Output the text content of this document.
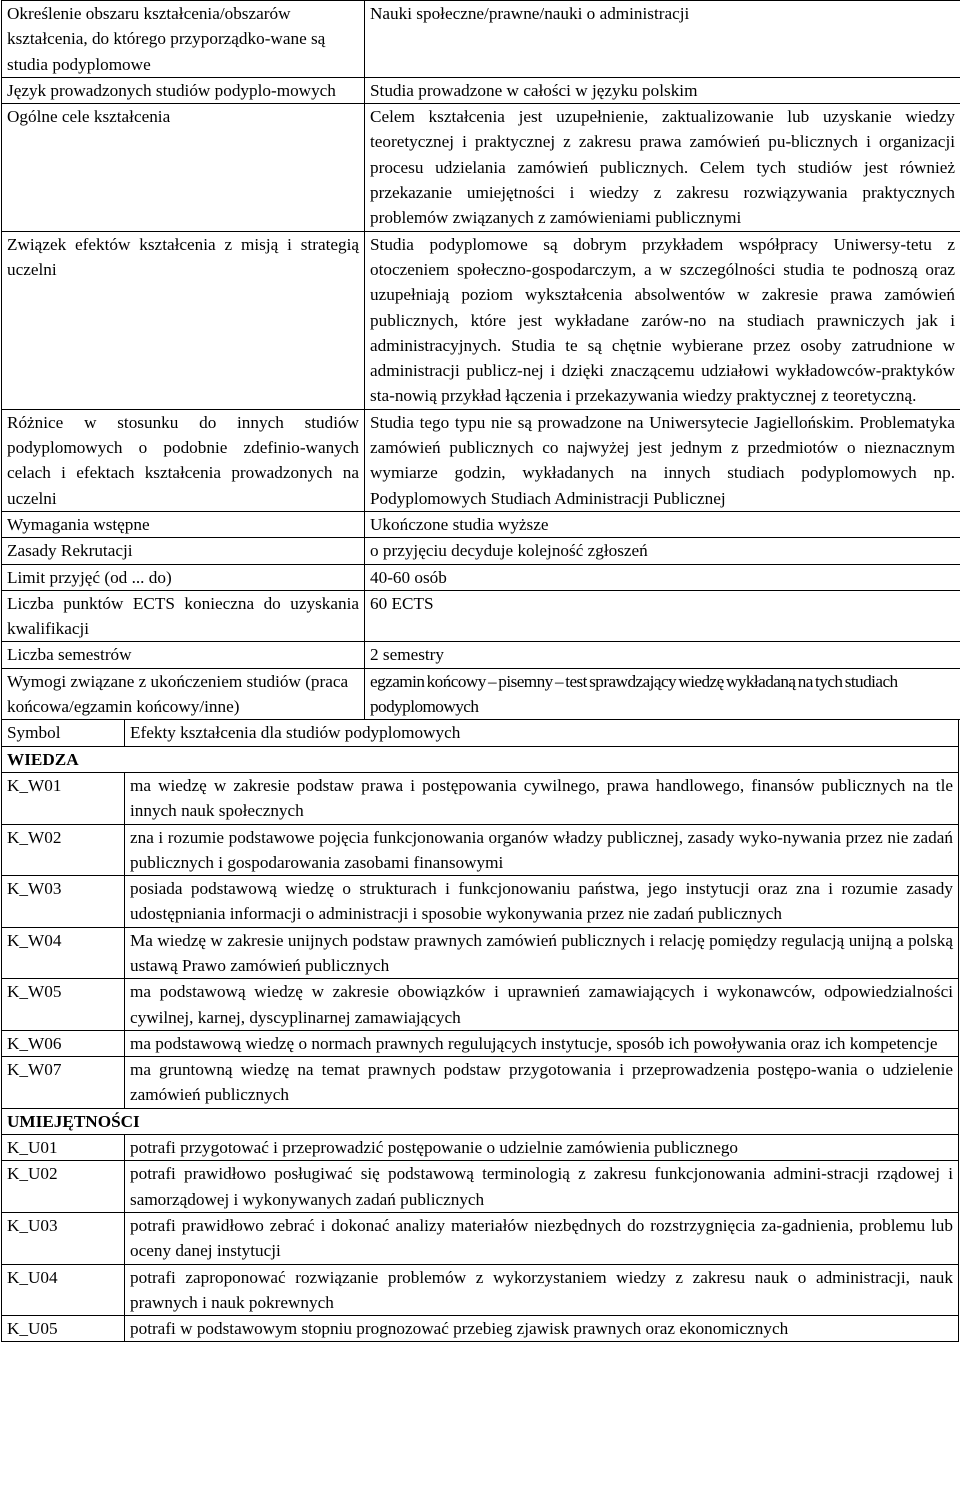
Określenie obszaru kształcenia/obszarów kształcenia, do którego przyporządko-wane są studia podyplomowe	Nauki społeczne/prawne/nauki o administracji
Język prowadzonych studiów podyplo-mowych	Studia prowadzone w całości w języku polskim
Ogólne cele kształcenia	Celem kształcenia jest uzupełnienie, zaktualizowanie lub uzyskanie wiedzy teoretycznej i praktycznej z zakresu prawa zamówień pu-blicznych i organizacji procesu udzielania zamówień publicznych. Celem tych studiów jest również przekazanie umiejętności i wiedzy z zakresu rozwiązywania praktycznych problemów związanych z zamówieniami publicznymi
Związek efektów kształcenia z misją i strategią uczelni	Studia podyplomowe są dobrym przykładem współpracy Uniwersy-tetu z otoczeniem społeczno-gospodarczym, a w szczególności studia te podnoszą oraz uzupełniają poziom wykształcenia absolwentów w zakresie prawa zamówień publicznych, które jest wykładane zarów-no na studiach prawniczych jak i administracyjnych. Studia te są chętnie wybierane przez osoby zatrudnione w administracji publicz-nej i dzięki znaczącemu udziałowi wykładowców-praktyków sta-nowią przykład łączenia i przekazywania wiedzy praktycznej z teoretyczną.
Różnice w stosunku do innych studiów podyplomowych o podobnie zdefinio-wanych celach i efektach kształcenia prowadzonych na uczelni	Studia tego typu nie są prowadzone na Uniwersytecie Jagiellońskim. Problematyka zamówień publicznych co najwyżej jest jednym z przedmiotów o nieznacznym wymiarze godzin, wykładanych na innych studiach podyplomowych np. Podyplomowych Studiach Administracji Publicznej
Wymagania wstępne	Ukończone studia wyższe
Zasady Rekrutacji	o przyjęciu decyduje kolejność zgłoszeń
Limit przyjęć (od ... do)	40-60 osób
Liczba punktów ECTS konieczna do uzyskania kwalifikacji	60 ECTS
Liczba semestrów	2 semestry
Wymogi związane z ukończeniem studiów (praca końcowa/egzamin końcowy/inne)	egzamin końcowy – pisemny – test sprawdzający wiedzę wykładaną na tych studiach podyplomowych
Symbol	Efekty kształcenia dla studiów podyplomowych
WIEDZA	
K_W01	ma wiedzę w zakresie podstaw prawa i postępowania cywilnego, prawa handlowego, finansów publicznych na tle innych nauk społecznych
K_W02	zna i rozumie podstawowe pojęcia funkcjonowania organów władzy publicznej, zasady wyko-nywania przez nie zadań publicznych i gospodarowania zasobami finansowymi
K_W03	posiada podstawową wiedzę o strukturach i funkcjonowaniu państwa, jego instytucji oraz zna i rozumie zasady udostępniania informacji o administracji i sposobie wykonywania przez nie zadań publicznych
K_W04	Ma wiedzę w zakresie unijnych podstaw prawnych zamówień publicznych i relację pomiędzy regulacją unijną a polską ustawą Prawo zamówień publicznych
K_W05	ma podstawową wiedzę w zakresie obowiązków i uprawnień zamawiających i wykonawców, odpowiedzialności cywilnej, karnej, dyscyplinarnej zamawiających
K_W06	ma podstawową wiedzę o normach prawnych regulujących instytucje, sposób ich powoływania oraz ich kompetencje
K_W07	ma gruntowną wiedzę na temat prawnych podstaw przygotowania i przeprowadzenia postępo-wania o udzielenie zamówień publicznych
UMIEJĘTNOŚCI	
K_U01	potrafi przygotować i przeprowadzić postępowanie o udzielnie zamówienia publicznego
K_U02	potrafi prawidłowo posługiwać się podstawową terminologią z zakresu funkcjonowania admini-stracji rządowej i samorządowej i wykonywanych zadań publicznych
K_U03	potrafi prawidłowo zebrać i dokonać analizy materiałów niezbędnych do rozstrzygnięcia za-gadnienia, problemu lub oceny danej instytucji
K_U04	potrafi zaproponować rozwiązanie problemów z wykorzystaniem wiedzy z zakresu nauk o administracji, nauk prawnych i nauk pokrewnych
K_U05	potrafi w podstawowym stopniu prognozować przebieg zjawisk prawnych oraz ekonomicznych
